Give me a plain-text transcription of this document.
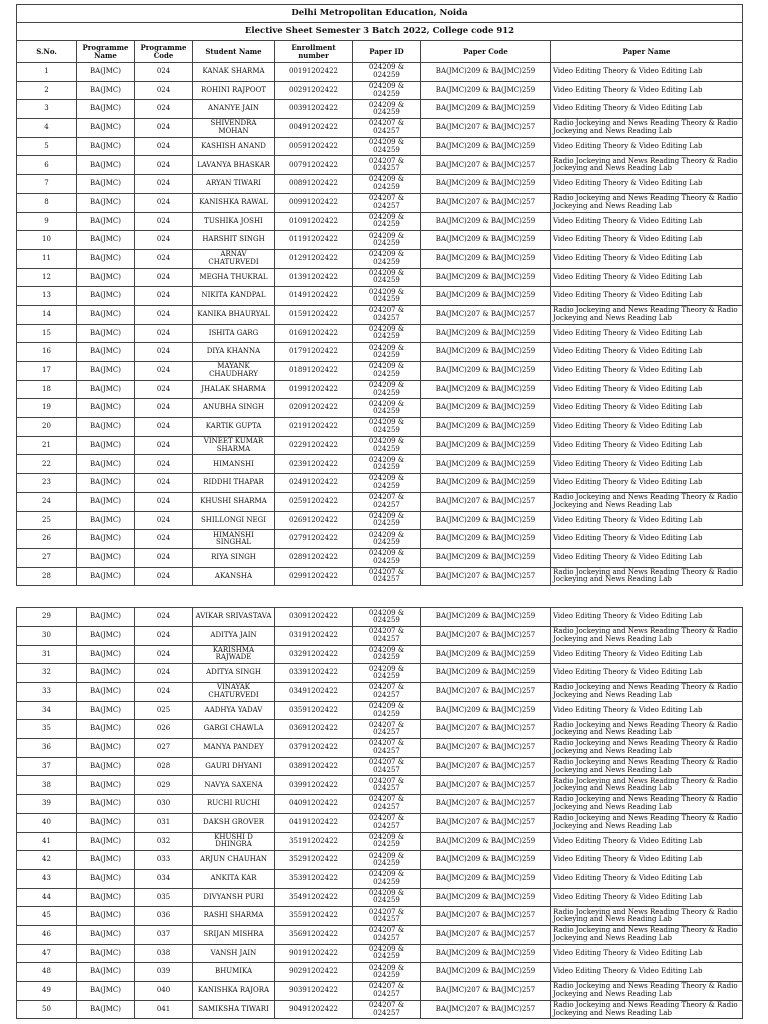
Delhi Metropolitan Education, Noida							
Elective Sheet Semester 3 Batch 2022, College code 912							
S.No.	Programme Name	Programme Code	Student Name	Enrollment number	Paper ID	Paper Code	Paper Name
1	BA(JMC)	024	KANAK SHARMA	00191202422	024209 & 024259	BA(JMC)209 & BA(JMC)259	Video Editing Theory & Video Editing Lab
2	BA(JMC)	024	ROHINI RAJPOOT	00291202422	024209 & 024259	BA(JMC)209 & BA(JMC)259	Video Editing Theory & Video Editing Lab
3	BA(JMC)	024	ANANYE JAIN	00391202422	024209 & 024259	BA(JMC)209 & BA(JMC)259	Video Editing Theory & Video Editing Lab
4	BA(JMC)	024	SHIVENDRA MOHAN	00491202422	024207 & 024257	BA(JMC)207 & BA(JMC)257	Radio Jockeying and News Reading Theory & Radio Jockeying and News Reading Lab
5	BA(JMC)	024	KASHISH ANAND	00591202422	024209 & 024259	BA(JMC)209 & BA(JMC)259	Video Editing Theory & Video Editing Lab
6	BA(JMC)	024	LAVANYA BHASKAR	00791202422	024207 & 024257	BA(JMC)207 & BA(JMC)257	Radio Jockeying and News Reading Theory & Radio Jockeying and News Reading Lab
7	BA(JMC)	024	ARYAN TIWARI	00891202422	024209 & 024259	BA(JMC)209 & BA(JMC)259	Video Editing Theory & Video Editing Lab
8	BA(JMC)	024	KANISHKA RAWAL	00991202422	024207 & 024257	BA(JMC)207 & BA(JMC)257	Radio Jockeying and News Reading Theory & Radio Jockeying and News Reading Lab
9	BA(JMC)	024	TUSHIKA JOSHI	01091202422	024209 & 024259	BA(JMC)209 & BA(JMC)259	Video Editing Theory & Video Editing Lab
10	BA(JMC)	024	HARSHIT SINGH	01191202422	024209 & 024259	BA(JMC)209 & BA(JMC)259	Video Editing Theory & Video Editing Lab
11	BA(JMC)	024	ARNAV CHATURVEDI	01291202422	024209 & 024259	BA(JMC)209 & BA(JMC)259	Video Editing Theory & Video Editing Lab
12	BA(JMC)	024	MEGHA THUKRAL	01391202422	024209 & 024259	BA(JMC)209 & BA(JMC)259	Video Editing Theory & Video Editing Lab
13	BA(JMC)	024	NIKITA KANDPAL	01491202422	024209 & 024259	BA(JMC)209 & BA(JMC)259	Video Editing Theory & Video Editing Lab
14	BA(JMC)	024	KANIKA BHAURYAL	01591202422	024207 & 024257	BA(JMC)207 & BA(JMC)257	Radio Jockeying and News Reading Theory & Radio Jockeying and News Reading Lab
15	BA(JMC)	024	ISHITA GARG	01691202422	024209 & 024259	BA(JMC)209 & BA(JMC)259	Video Editing Theory & Video Editing Lab
16	BA(JMC)	024	DIYA KHANNA	01791202422	024209 & 024259	BA(JMC)209 & BA(JMC)259	Video Editing Theory & Video Editing Lab
17	BA(JMC)	024	MAYANK CHAUDHARY	01891202422	024209 & 024259	BA(JMC)209 & BA(JMC)259	Video Editing Theory & Video Editing Lab
18	BA(JMC)	024	JHALAK SHARMA	01991202422	024209 & 024259	BA(JMC)209 & BA(JMC)259	Video Editing Theory & Video Editing Lab
19	BA(JMC)	024	ANUBHA SINGH	02091202422	024209 & 024259	BA(JMC)209 & BA(JMC)259	Video Editing Theory & Video Editing Lab
20	BA(JMC)	024	KARTIK GUPTA	02191202422	024209 & 024259	BA(JMC)209 & BA(JMC)259	Video Editing Theory & Video Editing Lab
21	BA(JMC)	024	VINEET KUMAR SHARMA	02291202422	024209 & 024259	BA(JMC)209 & BA(JMC)259	Video Editing Theory & Video Editing Lab
22	BA(JMC)	024	HIMANSHI	02391202422	024209 & 024259	BA(JMC)209 & BA(JMC)259	Video Editing Theory & Video Editing Lab
23	BA(JMC)	024	RIDDHI THAPAR	02491202422	024209 & 024259	BA(JMC)209 & BA(JMC)259	Video Editing Theory & Video Editing Lab
24	BA(JMC)	024	KHUSHI SHARMA	02591202422	024207 & 024257	BA(JMC)207 & BA(JMC)257	Radio Jockeying and News Reading Theory & Radio Jockeying and News Reading Lab
25	BA(JMC)	024	SHILLONGI NEGI	02691202422	024209 & 024259	BA(JMC)209 & BA(JMC)259	Video Editing Theory & Video Editing Lab
26	BA(JMC)	024	HIMANSHI SINGHAL	02791202422	024209 & 024259	BA(JMC)209 & BA(JMC)259	Video Editing Theory & Video Editing Lab
27	BA(JMC)	024	RIYA SINGH	02891202422	024209 & 024259	BA(JMC)209 & BA(JMC)259	Video Editing Theory & Video Editing Lab
28	BA(JMC)	024	AKANSHA	02991202422	024207 & 024257	BA(JMC)207 & BA(JMC)257	Radio Jockeying and News Reading Theory & Radio Jockeying and News Reading Lab
29	BA(JMC)	024	AVIKAR SRIVASTAVA	03091202422	024209 & 024259	BA(JMC)209 & BA(JMC)259	Video Editing Theory & Video Editing Lab
30	BA(JMC)	024	ADITYA JAIN	03191202422	024207 & 024257	BA(JMC)207 & BA(JMC)257	Radio Jockeying and News Reading Theory & Radio Jockeying and News Reading Lab
31	BA(JMC)	024	KARISHMA RAJWADE	03291202422	024209 & 024259	BA(JMC)209 & BA(JMC)259	Video Editing Theory & Video Editing Lab
32	BA(JMC)	024	ADITYA SINGH	03391202422	024209 & 024259	BA(JMC)209 & BA(JMC)259	Video Editing Theory & Video Editing Lab
33	BA(JMC)	024	VINAYAK CHATURVEDI	03491202422	024207 & 024257	BA(JMC)207 & BA(JMC)257	Radio Jockeying and News Reading Theory & Radio Jockeying and News Reading Lab
34	BA(JMC)	025	AADHYA YADAV	03591202422	024209 & 024259	BA(JMC)209 & BA(JMC)259	Video Editing Theory & Video Editing Lab
35	BA(JMC)	026	GARGI CHAWLA	03691202422	024207 & 024257	BA(JMC)207 & BA(JMC)257	Radio Jockeying and News Reading Theory & Radio Jockeying and News Reading Lab
36	BA(JMC)	027	MANYA PANDEY	03791202422	024207 & 024257	BA(JMC)207 & BA(JMC)257	Radio Jockeying and News Reading Theory & Radio Jockeying and News Reading Lab
37	BA(JMC)	028	GAURI DHYANI	03891202422	024207 & 024257	BA(JMC)207 & BA(JMC)257	Radio Jockeying and News Reading Theory & Radio Jockeying and News Reading Lab
38	BA(JMC)	029	NAVYA SAXENA	03991202422	024207 & 024257	BA(JMC)207 & BA(JMC)257	Radio Jockeying and News Reading Theory & Radio Jockeying and News Reading Lab
39	BA(JMC)	030	RUCHI RUCHI	04091202422	024207 & 024257	BA(JMC)207 & BA(JMC)257	Radio Jockeying and News Reading Theory & Radio Jockeying and News Reading Lab
40	BA(JMC)	031	DAKSH GROVER	04191202422	024207 & 024257	BA(JMC)207 & BA(JMC)257	Radio Jockeying and News Reading Theory & Radio Jockeying and News Reading Lab
41	BA(JMC)	032	KHUSHI D DHINGRA	35191202422	024209 & 024259	BA(JMC)209 & BA(JMC)259	Video Editing Theory & Video Editing Lab
42	BA(JMC)	033	ARJUN CHAUHAN	35291202422	024209 & 024259	BA(JMC)209 & BA(JMC)259	Video Editing Theory & Video Editing Lab
43	BA(JMC)	034	ANKITA KAR	35391202422	024209 & 024259	BA(JMC)209 & BA(JMC)259	Video Editing Theory & Video Editing Lab
44	BA(JMC)	035	DIVYANSH PURI	35491202422	024209 & 024259	BA(JMC)209 & BA(JMC)259	Video Editing Theory & Video Editing Lab
45	BA(JMC)	036	RASHI SHARMA	35591202422	024207 & 024257	BA(JMC)207 & BA(JMC)257	Radio Jockeying and News Reading Theory & Radio Jockeying and News Reading Lab
46	BA(JMC)	037	SRIJAN MISHRA	35691202422	024207 & 024257	BA(JMC)207 & BA(JMC)257	Radio Jockeying and News Reading Theory & Radio Jockeying and News Reading Lab
47	BA(JMC)	038	VANSH JAIN	90191202422	024209 & 024259	BA(JMC)209 & BA(JMC)259	Video Editing Theory & Video Editing Lab
48	BA(JMC)	039	BHUMIKA	90291202422	024209 & 024259	BA(JMC)209 & BA(JMC)259	Video Editing Theory & Video Editing Lab
49	BA(JMC)	040	KANISHKA RAJORA	90391202422	024207 & 024257	BA(JMC)207 & BA(JMC)257	Radio Jockeying and News Reading Theory & Radio Jockeying and News Reading Lab
50	BA(JMC)	041	SAMIKSHA TIWARI	90491202422	024207 & 024257	BA(JMC)207 & BA(JMC)257	Radio Jockeying and News Reading Theory & Radio Jockeying and News Reading Lab
